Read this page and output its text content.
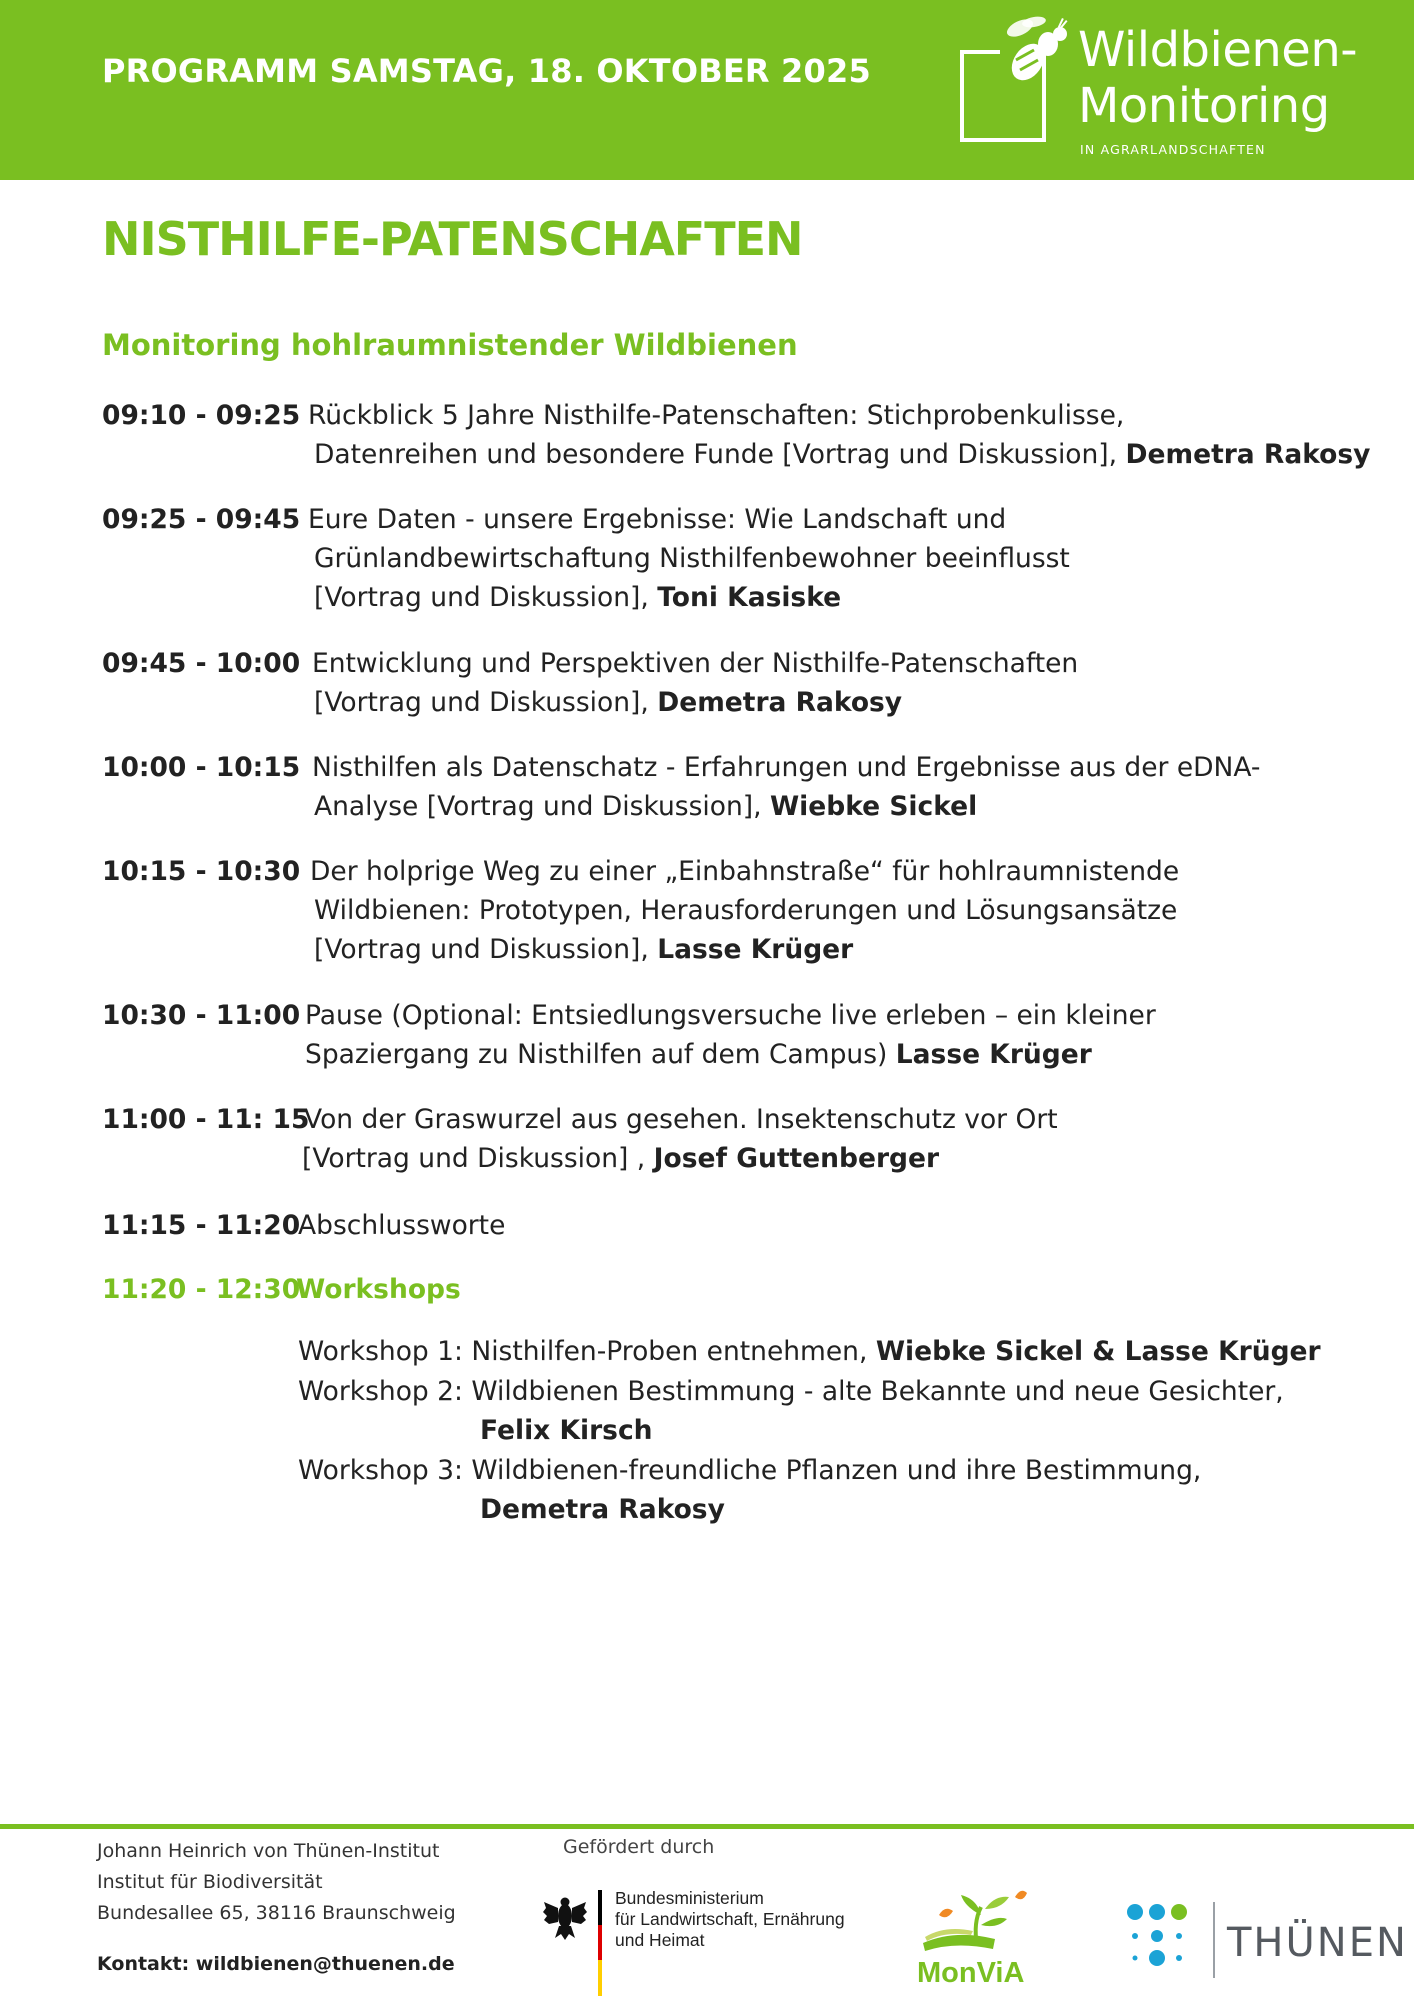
PROGRAMM SAMSTAG, 18. OKTOBER 2025	Wildbienen-
Monitoring
IN AGRARLANDSCHAFTEN
NISTHILFE-PATENSCHAFTEN
Monitoring hohlraumnistender Wildbienen
09:10 - 09:25 Rückblick 5 Jahre Nisthilfe-Patenschaften: Stichprobenkulisse,
Datenreihen und besondere Funde [Vortrag und Diskussion], Demetra Rakosy
09:25 - 09:45 Eure Daten - unsere Ergebnisse: Wie Landschaft und
Grünlandbewirtschaftung Nisthilfenbewohner beeinflusst
[Vortrag und Diskussion], Toni Kasiske
09:45 - 10:00 Entwicklung und Perspektiven der Nisthilfe-Patenschaften
[Vortrag und Diskussion], Demetra Rakosy
10:00 - 10:15 Nisthilfen als Datenschatz - Erfahrungen und Ergebnisse aus der eDNA-
Analyse [Vortrag und Diskussion], Wiebke Sickel
10:15 - 10:30 Der holprige Weg zu einer „Einbahnstraße“ für hohlraumnistende
Wildbienen: Prototypen, Herausforderungen und Lösungsansätze
[Vortrag und Diskussion], Lasse Krüger
10:30 - 11:00 Pause (Optional: Entsiedlungsversuche live erleben – ein kleiner
Spaziergang zu Nisthilfen auf dem Campus) Lasse Krüger
11:00 - 11: 15
Von der Graswurzel aus gesehen. Insektenschutz vor Ort
[Vortrag und Diskussion] , Josef Guttenberger
11:15 - 11:20
Abschlussworte
11:20 - 12:30
Workshops
Workshop 1: Nisthilfen-Proben entnehmen, Wiebke Sickel & Lasse Krüger
Workshop 2: Wildbienen Bestimmung - alte Bekannte und neue Gesichter,
Felix Kirsch
Workshop 3: Wildbienen-freundliche Pflanzen und ihre Bestimmung,
Demetra Rakosy
Johann Heinrich von Thünen-Institut
Institut für Biodiversität
Bundesallee 65, 38116 Braunschweig
Kontakt: wildbienen@thuenen.de
Gefördert durch
Bundesministerium
für Landwirtschaft, Ernährung
und Heimat
MonViA
THÜNEN
